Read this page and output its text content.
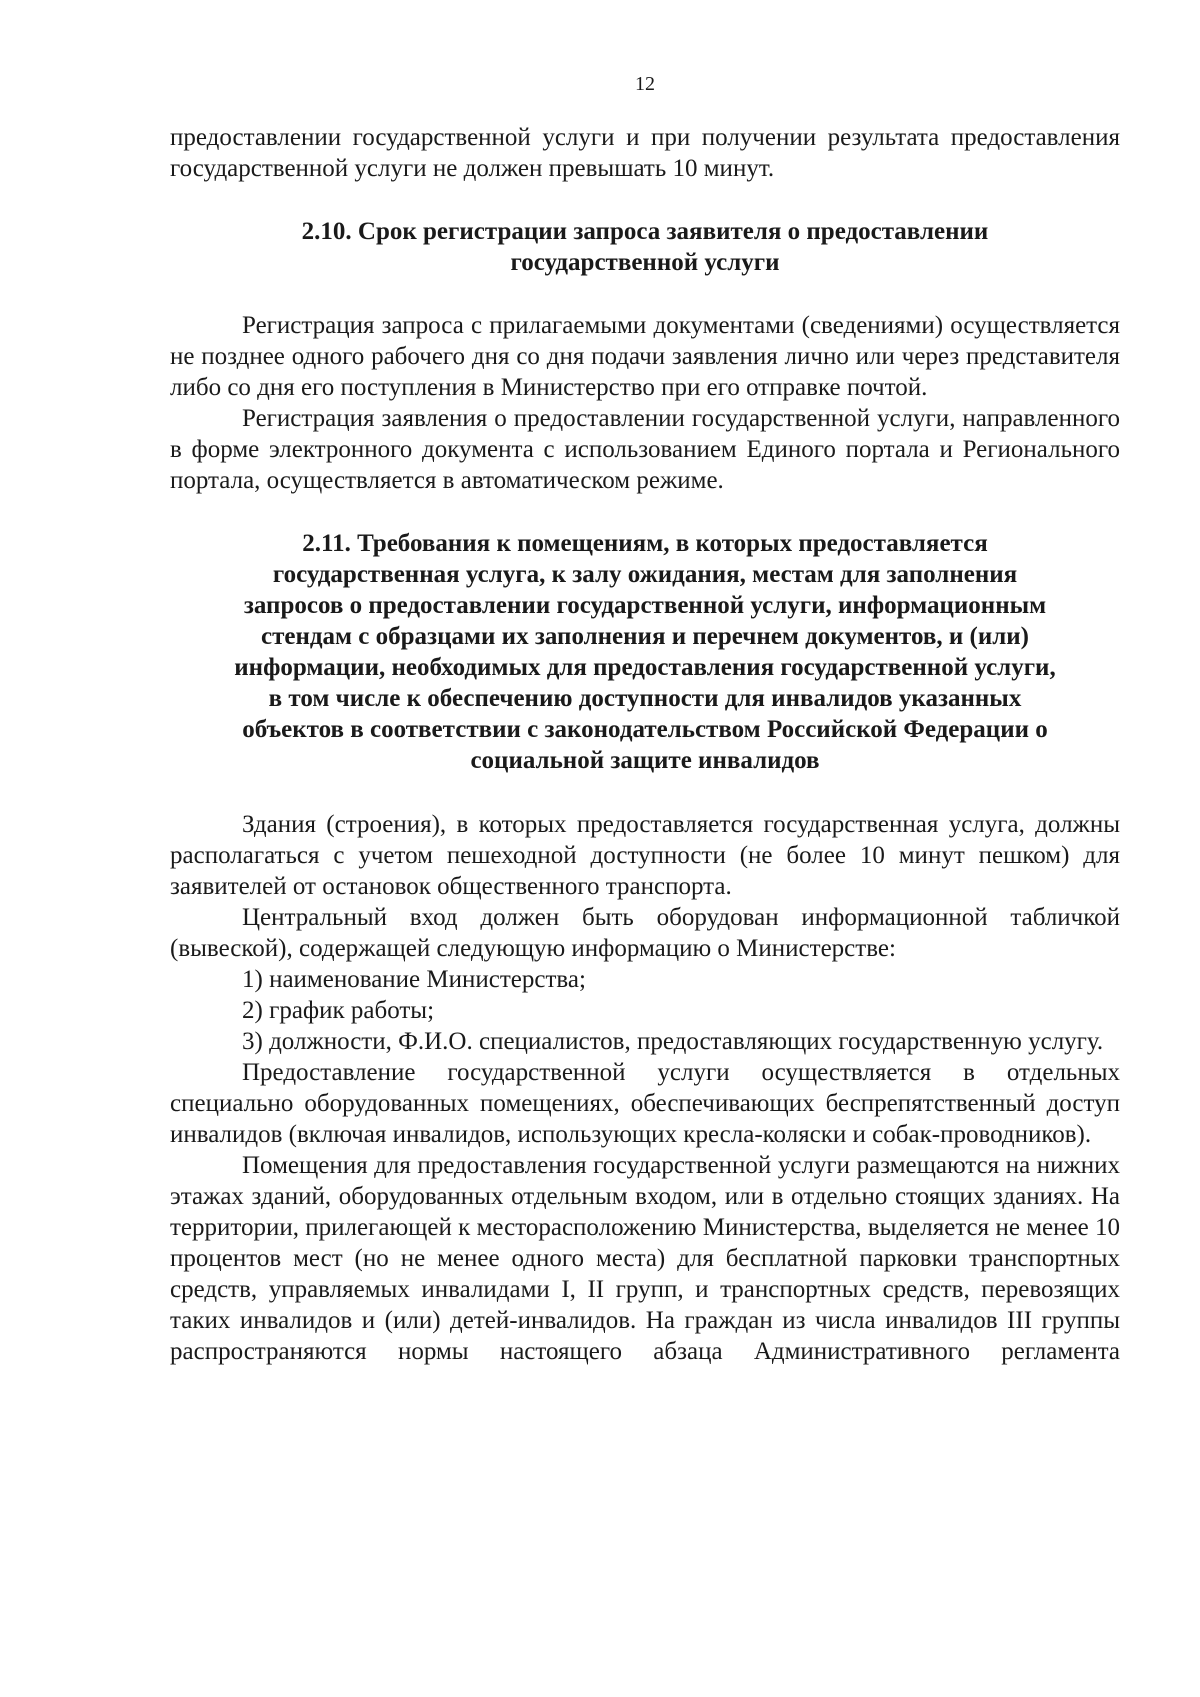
12

предоставлении государственной услуги и при получении результата предоставления государственной услуги не должен превышать 10 минут.

2.10. Срок регистрации запроса заявителя о предоставлении
государственной услуги

Регистрация запроса с прилагаемыми документами (сведениями) осуществляется не позднее одного рабочего дня со дня подачи заявления лично или через представителя либо со дня его поступления в Министерство при его отправке почтой.

Регистрация заявления о предоставлении государственной услуги, направленного в форме электронного документа с использованием Единого портала и Регионального портала, осуществляется в автоматическом режиме.

2.11. Требования к помещениям, в которых предоставляется
государственная услуга, к залу ожидания, местам для заполнения
запросов о предоставлении государственной услуги, информационным
стендам с образцами их заполнения и перечнем документов, и (или)
информации, необходимых для предоставления государственной услуги,
в том числе к обеспечению доступности для инвалидов указанных
объектов в соответствии с законодательством Российской Федерации о
социальной защите инвалидов

Здания (строения), в которых предоставляется государственная услуга, должны располагаться с учетом пешеходной доступности (не более 10 минут пешком) для заявителей от остановок общественного транспорта.

Центральный вход должен быть оборудован информационной табличкой (вывеской), содержащей следующую информацию о Министерстве:

1) наименование Министерства;

2) график работы;

3) должности, Ф.И.О. специалистов, предоставляющих государственную услугу.

Предоставление государственной услуги осуществляется в отдельных специально оборудованных помещениях, обеспечивающих беспрепятственный доступ инвалидов (включая инвалидов, использующих кресла-коляски и собак-проводников).

Помещения для предоставления государственной услуги размещаются на нижних этажах зданий, оборудованных отдельным входом, или в отдельно стоящих зданиях. На территории, прилегающей к месторасположению Министерства, выделяется не менее 10 процентов мест (но не менее одного места) для бесплатной парковки транспортных средств, управляемых инвалидами I, II групп, и транспортных средств, перевозящих таких инвалидов и (или) детей-инвалидов. На граждан из числа инвалидов III группы распространяются нормы настоящего абзаца Административного регламента
